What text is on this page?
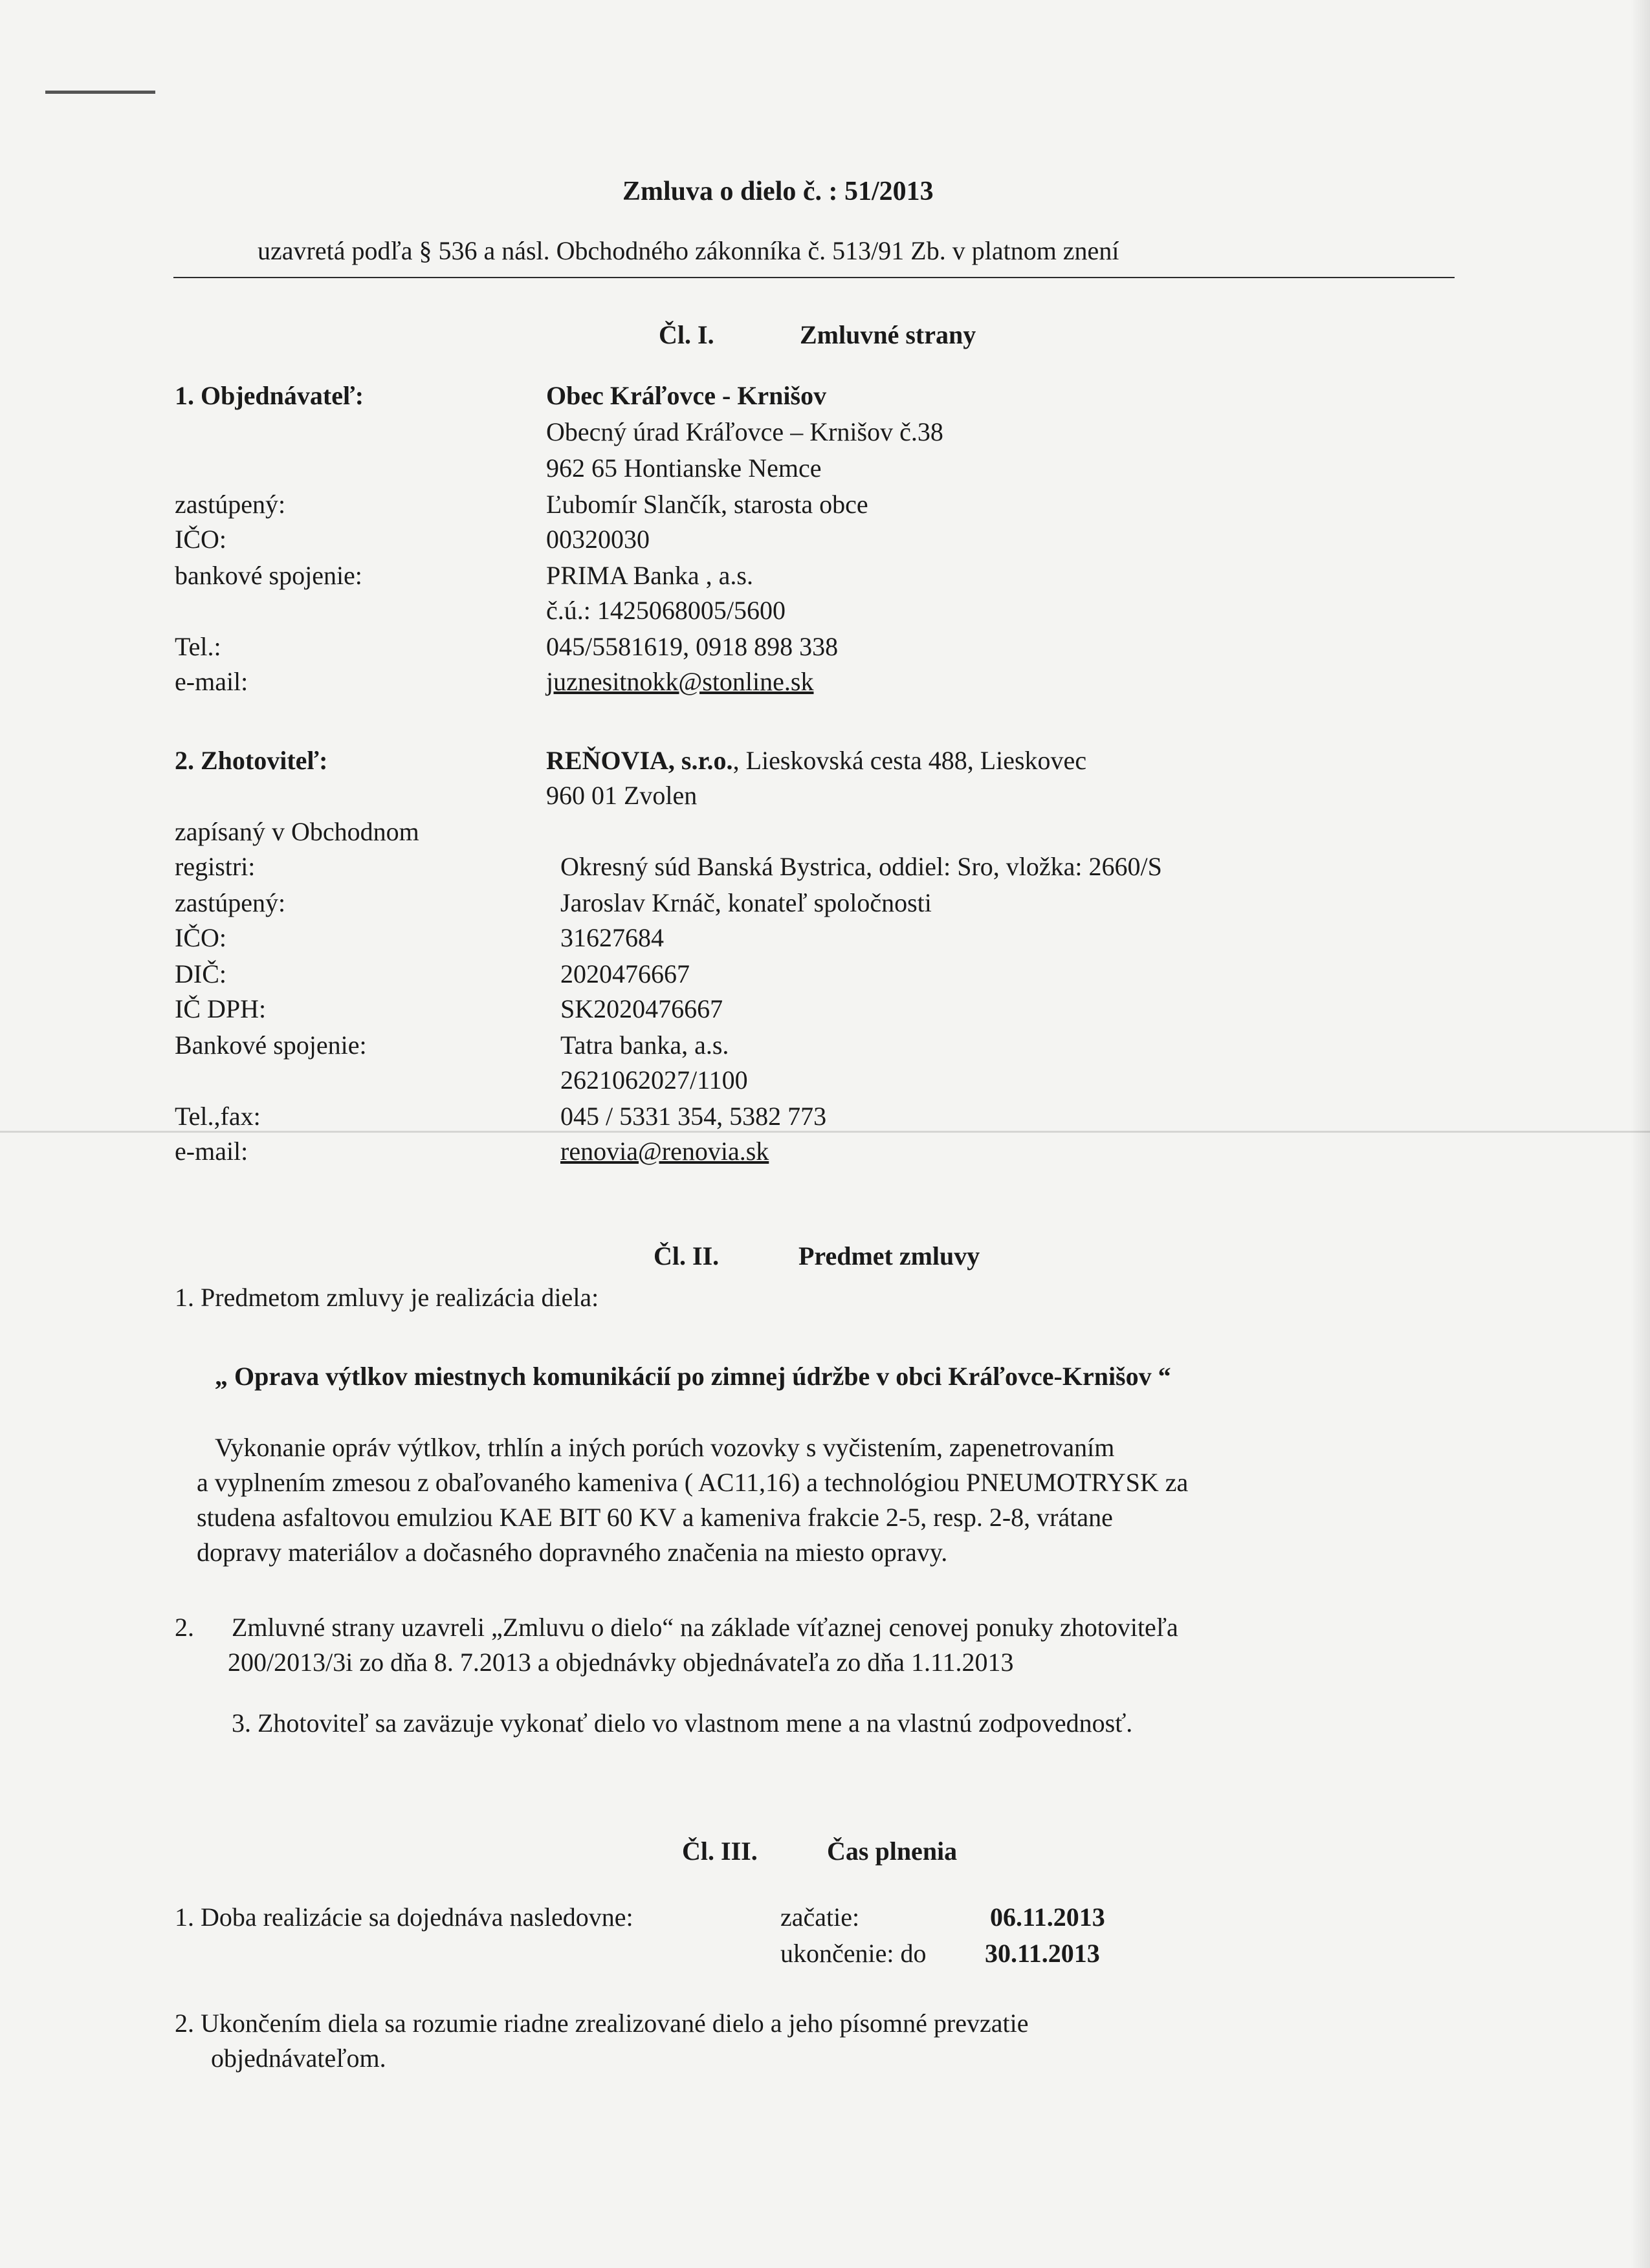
Zmluva o dielo č. : 51/2013
uzavretá podľa § 536 a násl. Obchodného zákonníka č. 513/91 Zb. v platnom znení
Čl. I.	Zmluvné strany
1. Objednávateľ:	Obec Kráľovce - Krnišov
Obecný úrad Kráľovce – Krnišov č.38
962 65 Hontianske Nemce
zastúpený:	Ľubomír Slančík, starosta obce
IČO:	00320030
bankové spojenie:	PRIMA Banka , a.s.
č.ú.: 1425068005/5600
Tel.:	045/5581619, 0918 898 338
e-mail:	juznesitnokk@stonline.sk
2. Zhotoviteľ:	REŇOVIA, s.r.o., Lieskovská cesta 488, Lieskovec
960 01 Zvolen
zapísaný v Obchodnom
registri:	Okresný súd Banská Bystrica, oddiel: Sro, vložka: 2660/S
zastúpený:	Jaroslav Krnáč, konateľ spoločnosti
IČO:	31627684
DIČ:	2020476667
IČ DPH:	SK2020476667
Bankové spojenie:	Tatra banka, a.s.
2621062027/1100
Tel.,fax:	045 / 5331 354, 5382 773
e-mail:	renovia@renovia.sk
Čl. II.	Predmet zmluvy
1. Predmetom zmluvy je realizácia diela:
„ Oprava výtlkov miestnych komunikácií po zimnej údržbe v obci Kráľovce-Krnišov “
Vykonanie opráv výtlkov, trhlín a iných porúch vozovky s vyčistením, zapenetrovaním
a vyplnením zmesou z obaľovaného kameniva ( AC11,16) a technológiou PNEUMOTRYSK za
studena asfaltovou emulziou KAE BIT 60 KV a kameniva frakcie 2-5, resp. 2-8, vrátane
dopravy materiálov a dočasného dopravného značenia na miesto opravy.
2. Zmluvné strany uzavreli „Zmluvu o dielo“ na základe víťaznej cenovej ponuky zhotoviteľa
200/2013/3i zo dňa 8. 7.2013 a objednávky objednávateľa zo dňa 1.11.2013
3. Zhotoviteľ sa zaväzuje vykonať dielo vo vlastnom mene a na vlastnú zodpovednosť.
Čl. III.	Čas plnenia
1. Doba realizácie sa dojednáva nasledovne:	začatie:	06.11.2013
ukončenie: do 30.11.2013
2. Ukončením diela sa rozumie riadne zrealizované dielo a jeho písomné prevzatie
objednávateľom.
